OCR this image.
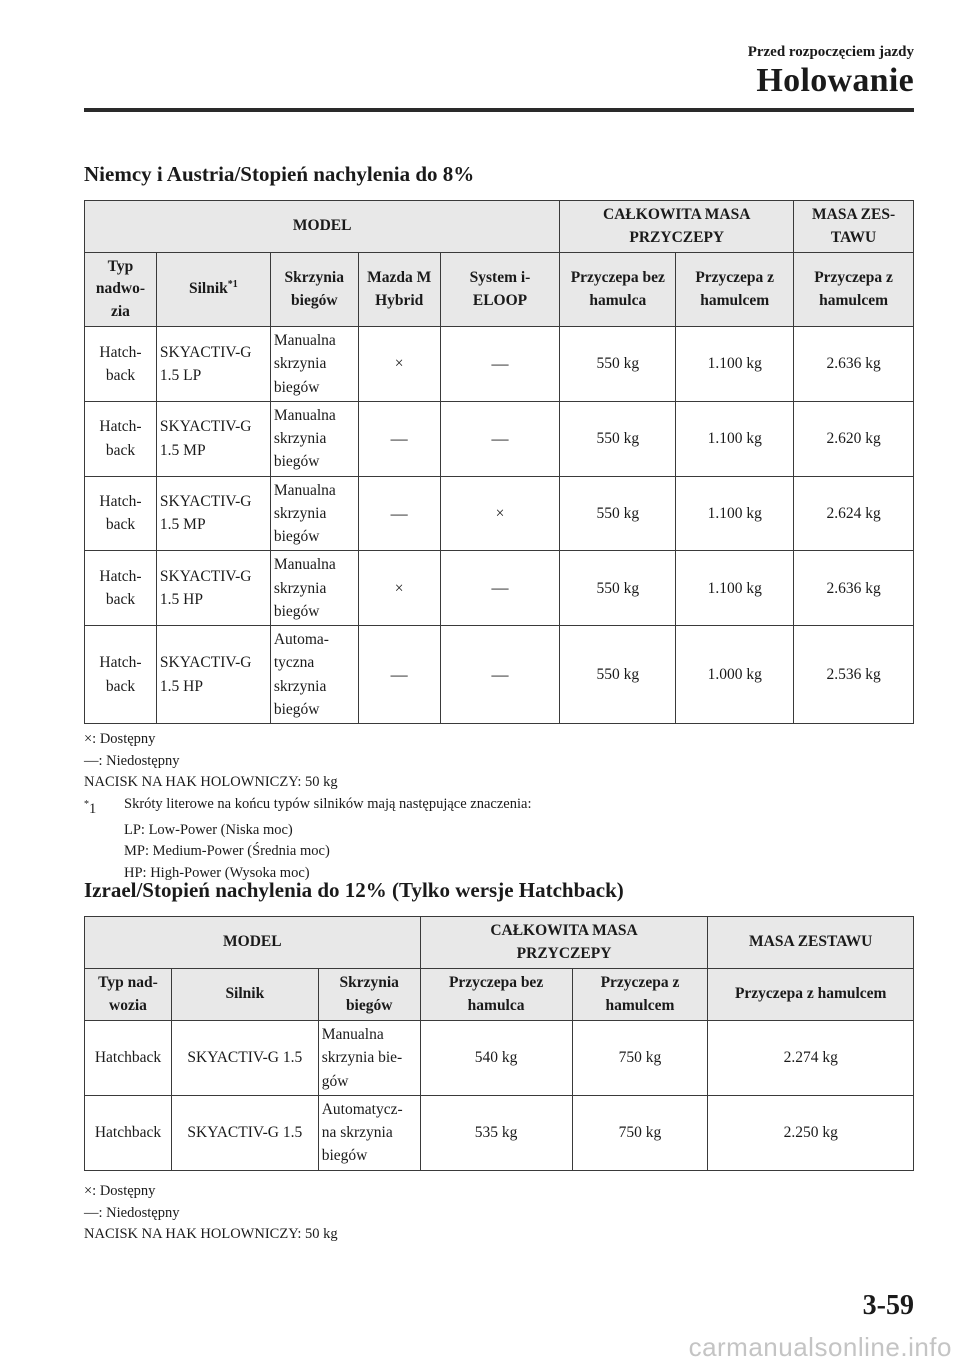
Przed rozpoczęciem jazdy
Holowanie
Niemcy i Austria/Stopień nachylenia do 8%
MODEL					CAŁKOWITA MASA PRZYCZEPY		MASA ZES-TAWU
Typ nadwo-zia	Silnik$^{*1}$	Skrzynia biegów	Mazda M Hybrid	System i-ELOOP	Przyczepa bez hamulca	Przyczepa z hamulcem	Przyczepa z hamulcem
Hatch-back	SKYACTIV-G 1.5 LP	Manualna skrzynia biegów	×	—	550 kg	1.100 kg	2.636 kg
Hatch-back	SKYACTIV-G 1.5 MP	Manualna skrzynia biegów	—	—	550 kg	1.100 kg	2.620 kg
Hatch-back	SKYACTIV-G 1.5 MP	Manualna skrzynia biegów	—	×	550 kg	1.100 kg	2.624 kg
Hatch-back	SKYACTIV-G 1.5 HP	Manualna skrzynia biegów	×	—	550 kg	1.100 kg	2.636 kg
Hatch-back	SKYACTIV-G 1.5 HP	Automa-tyczna skrzynia biegów	—	—	550 kg	1.000 kg	2.536 kg
×: Dostępny
—: Niedostępny
NACISK NA HAK HOLOWNICZY: 50 kg
*1	Skróty literowe na końcu typów silników mają następujące znaczenia:
LP: Low-Power (Niska moc)
MP: Medium-Power (Średnia moc)
HP: High-Power (Wysoka moc)
Izrael/Stopień nachylenia do 12% (Tylko wersje Hatchback)
MODEL			CAŁKOWITA MASA PRZYCZEPY		MASA ZESTAWU
Typ nad-wozia	Silnik	Skrzynia biegów	Przyczepa bez hamulca	Przyczepa z hamulcem	Przyczepa z hamulcem
Hatchback	SKYACTIV-G 1.5	Manualna skrzynia bie-gów	540 kg	750 kg	2.274 kg
Hatchback	SKYACTIV-G 1.5	Automatycz-na skrzynia biegów	535 kg	750 kg	2.250 kg
×: Dostępny
—: Niedostępny
NACISK NA HAK HOLOWNICZY: 50 kg
3-59
carmanualsonline.info
